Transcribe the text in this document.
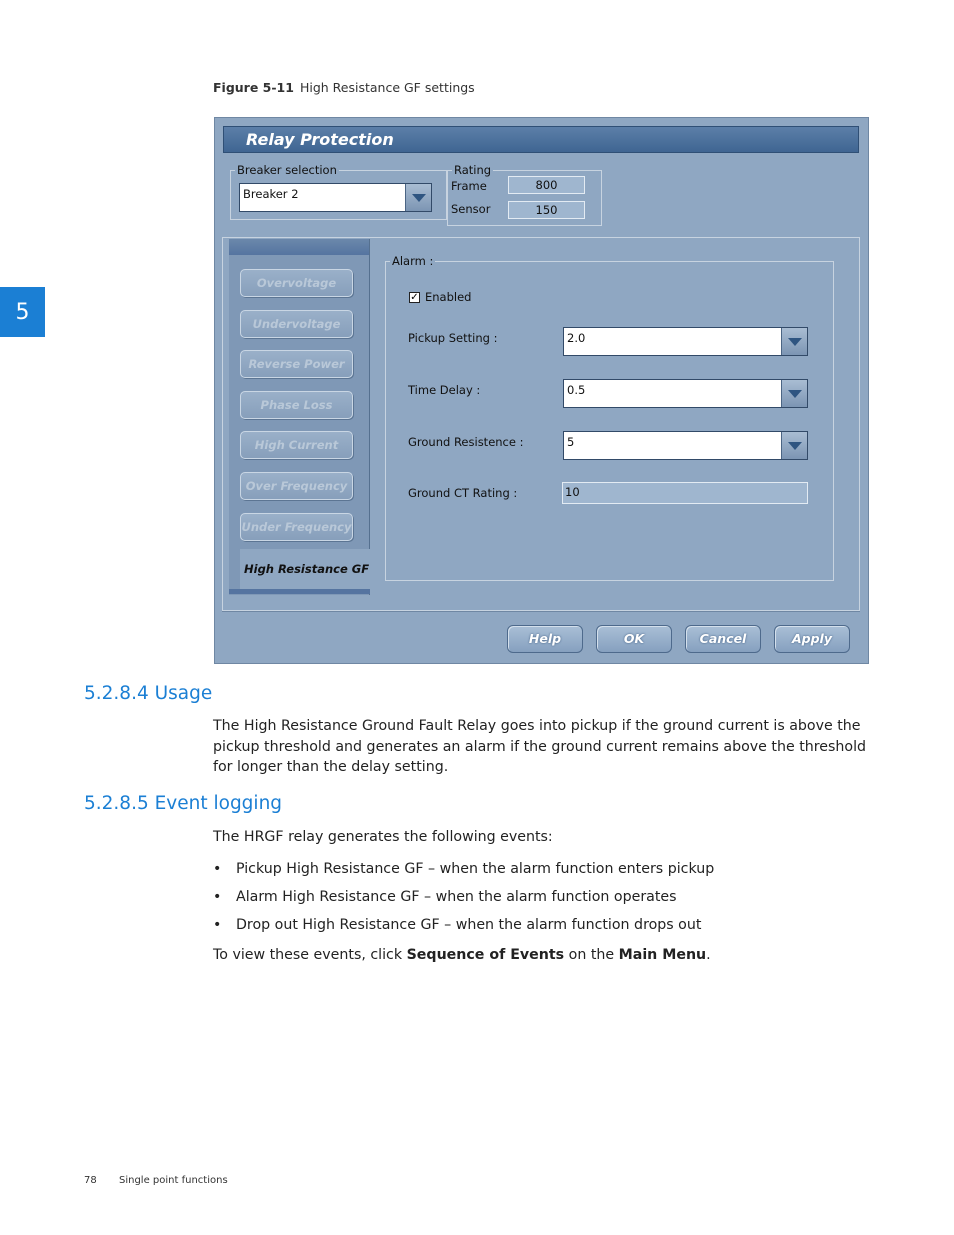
5
Figure 5-11 High Resistance GF settings
Relay Protection
Breaker selection
Breaker 2
Rating
Frame	800
Sensor	150
Overvoltage
Undervoltage
Reverse Power
Phase Loss
High Current
Over Frequency
Under Frequency
High Resistance GF
Alarm :
✓ Enabled
Pickup Setting :	2.0
Time Delay :	0.5
Ground Resistence :	5
Ground CT Rating :	10
Help	OK	Cancel	Apply
5.2.8.4 Usage

The High Resistance Ground Fault Relay goes into pickup if the ground current is above the pickup threshold and generates an alarm if the ground current remains above the threshold for longer than the delay setting.

5.2.8.5 Event logging

The HRGF relay generates the following events:

• Pickup High Resistance GF – when the alarm function enters pickup
• Alarm High Resistance GF – when the alarm function operates
• Drop out High Resistance GF – when the alarm function drops out

To view these events, click Sequence of Events on the Main Menu.

78 Single point functions
